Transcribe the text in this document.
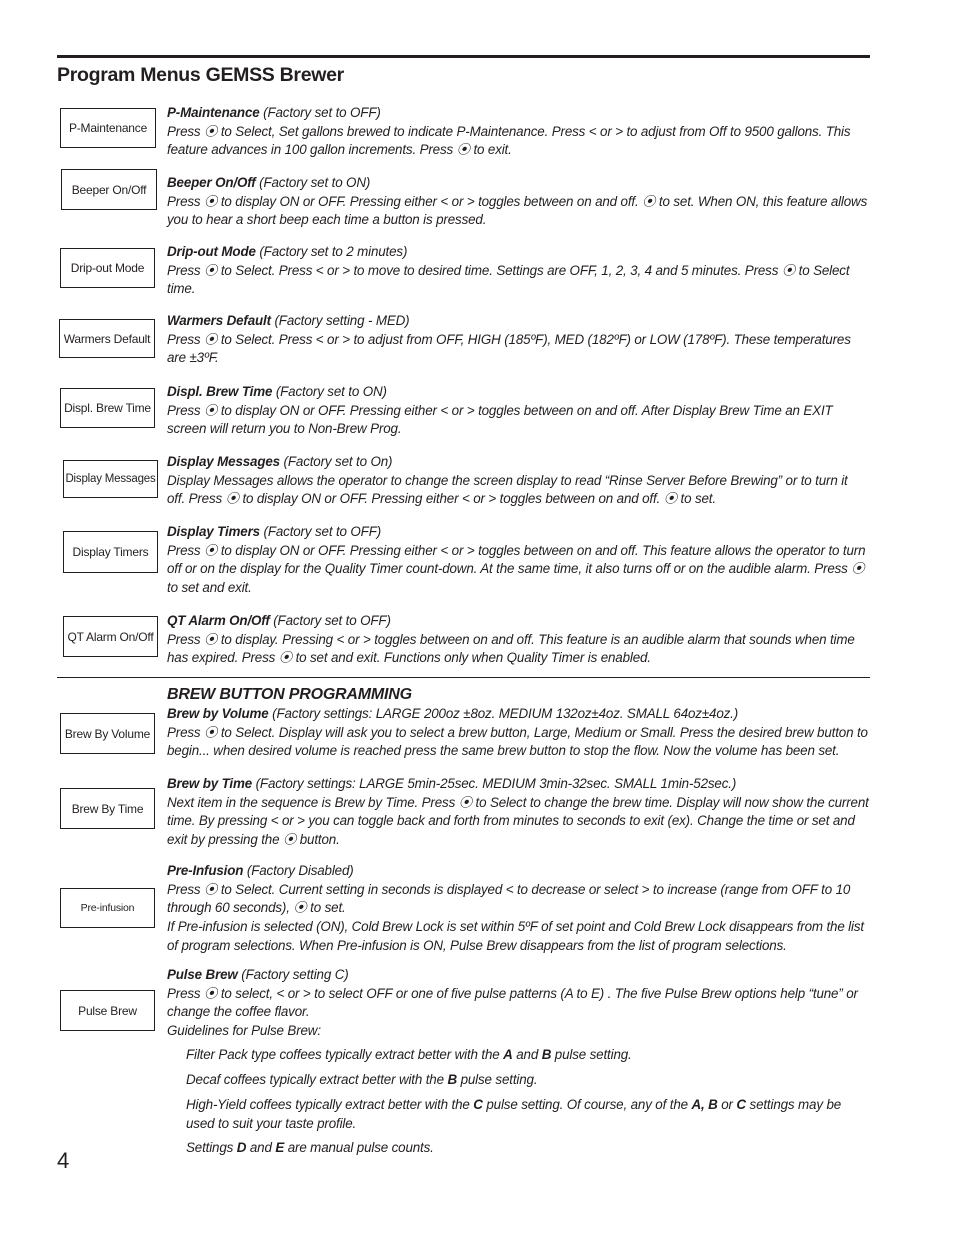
Program Menus GEMSS Brewer
P-Maintenance
P-Maintenance (Factory set to OFF)
Press ⦿ to Select, Set gallons brewed to indicate P-Maintenance. Press < or > to adjust from Off to 9500 gallons. This feature advances in 100 gallon increments. Press ⦿ to exit.
Beeper On/Off	Beeper On/Off (Factory set to ON)
Press ⦿ to display ON or OFF. Pressing either < or > toggles between on and off. ⦿ to set. When ON, this feature allows you to hear a short beep each time a button is pressed.
Drip-out Mode
Drip-out Mode (Factory set to 2 minutes)
Press ⦿ to Select. Press < or > to move to desired time. Settings are OFF, 1, 2, 3, 4 and 5 minutes. Press ⦿ to Select time.
Warmers Default
Warmers Default (Factory setting - MED)
Press ⦿ to Select. Press < or > to adjust from OFF, HIGH (185ºF), MED (182ºF) or LOW (178ºF). These temperatures are ±3ºF.
Displ. Brew Time
Displ. Brew Time (Factory set to ON)
Press ⦿ to display ON or OFF. Pressing either < or > toggles between on and off. After Display Brew Time an EXIT screen will return you to Non-Brew Prog.
Display Messages
Display Messages (Factory set to On)
Display Messages allows the operator to change the screen display to read “Rinse Server Before Brewing” or to turn it off. Press ⦿ to display ON or OFF. Pressing either < or > toggles between on and off. ⦿ to set.
Display Timers
Display Timers (Factory set to OFF)
Press ⦿ to display ON or OFF. Pressing either < or > toggles between on and off. This feature allows the operator to turn off or on the display for the Quality Timer count-down. At the same time, it also turns off or on the audible alarm. Press ⦿ to set and exit.
QT Alarm On/Off
QT Alarm On/Off (Factory set to OFF)
Press ⦿ to display. Pressing < or > toggles between on and off. This feature is an audible alarm that sounds when time has expired. Press ⦿ to set and exit. Functions only when Quality Timer is enabled.
BREW BUTTON PROGRAMMING
Brew By Volume
Brew by Volume (Factory settings: LARGE 200oz ±8oz. MEDIUM 132oz±4oz. SMALL 64oz±4oz.)
Press ⦿ to Select. Display will ask you to select a brew button, Large, Medium or Small. Press the desired brew button to begin... when desired volume is reached press the same brew button to stop the flow. Now the volume has been set.
Brew By Time
Brew by Time (Factory settings: LARGE 5min-25sec. MEDIUM 3min-32sec. SMALL 1min-52sec.)
Next item in the sequence is Brew by Time. Press ⦿ to Select to change the brew time. Display will now show the current time. By pressing < or > you can toggle back and forth from minutes to seconds to exit (ex). Change the time or set and exit by pressing the ⦿ button.
Pre-infusion
Pre-Infusion (Factory Disabled)
Press ⦿ to Select. Current setting in seconds is displayed < to decrease or select > to increase (range from OFF to 10 through 60 seconds), ⦿ to set.
If Pre-infusion is selected (ON), Cold Brew Lock is set within 5ºF of set point and Cold Brew Lock disappears from the list of program selections. When Pre-infusion is ON, Pulse Brew disappears from the list of program selections.
Pulse Brew
Pulse Brew (Factory setting C)
Press ⦿ to select, < or > to select OFF or one of five pulse patterns (A to E) . The five Pulse Brew options help “tune” or change the coffee flavor.
Guidelines for Pulse Brew:
Filter Pack type coffees typically extract better with the A and B pulse setting.
Decaf coffees typically extract better with the B pulse setting.
High-Yield coffees typically extract better with the C pulse setting. Of course, any of the A, B or C settings may be used to suit your taste profile.
Settings D and E are manual pulse counts.
4
